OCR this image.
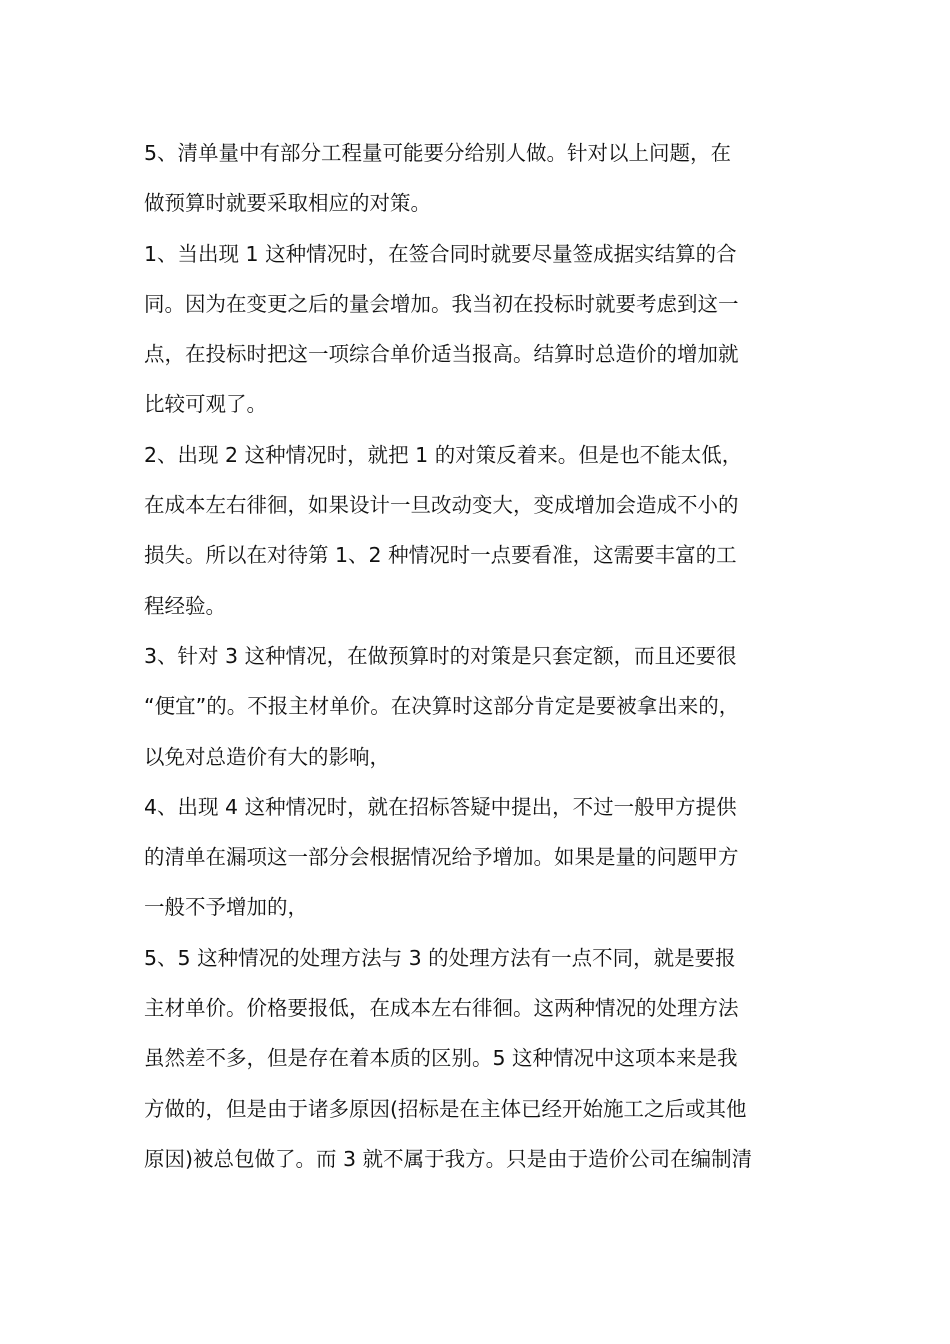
5、清单量中有部分工程量可能要分给别人做。针对以上问题，在
做预算时就要采取相应的对策。
1、当出现 1 这种情况时，在签合同时就要尽量签成据实结算的合
同。因为在变更之后的量会增加。我当初在投标时就要考虑到这一
点，在投标时把这一项综合单价适当报高。结算时总造价的增加就
比较可观了。
2、出现 2 这种情况时，就把 1 的对策反着来。但是也不能太低，
在成本左右徘徊，如果设计一旦改动变大，变成增加会造成不小的
损失。所以在对待第 1、2 种情况时一点要看准，这需要丰富的工
程经验。
3、针对 3 这种情况，在做预算时的对策是只套定额，而且还要很
“便宜”的。不报主材单价。在决算时这部分肯定是要被拿出来的，
以免对总造价有大的影响，
4、出现 4 这种情况时，就在招标答疑中提出，不过一般甲方提供
的清单在漏项这一部分会根据情况给予增加。如果是量的问题甲方
一般不予增加的，
5、5 这种情况的处理方法与 3 的处理方法有一点不同，就是要报
主材单价。价格要报低，在成本左右徘徊。这两种情况的处理方法
虽然差不多，但是存在着本质的区别。5 这种情况中这项本来是我
方做的，但是由于诸多原因(招标是在主体已经开始施工之后或其他
原因)被总包做了。而 3 就不属于我方。只是由于造价公司在编制清
